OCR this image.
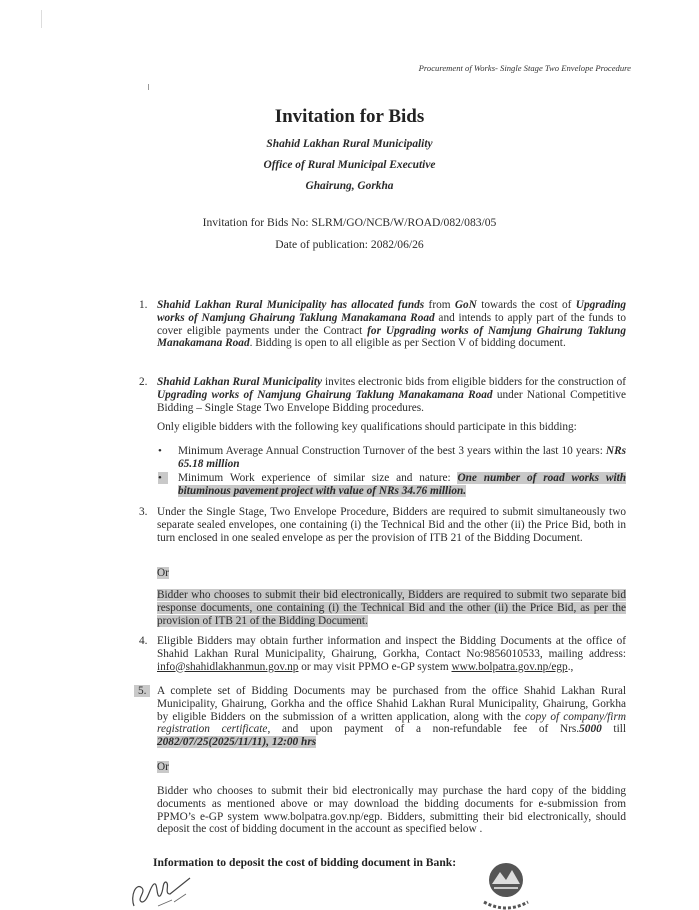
Procurement of Works- Single Stage Two Envelope Procedure
Invitation for Bids
Shahid Lakhan Rural Municipality
Office of Rural Municipal Executive
Ghairung, Gorkha
Invitation for Bids No: SLRM/GO/NCB/W/ROAD/082/083/05
Date of publication: 2082/06/26
1. Shahid Lakhan Rural Municipality has allocated funds from GoN towards the cost of Upgrading works of Namjung Ghairung Taklung Manakamana Road and intends to apply part of the funds to cover eligible payments under the Contract for Upgrading works of Namjung Ghairung Taklung Manakamana Road. Bidding is open to all eligible as per Section V of bidding document.
2. Shahid Lakhan Rural Municipality invites electronic bids from eligible bidders for the construction of Upgrading works of Namjung Ghairung Taklung Manakamana Road under National Competitive Bidding – Single Stage Two Envelope Bidding procedures.
Only eligible bidders with the following key qualifications should participate in this bidding:
• Minimum Average Annual Construction Turnover of the best 3 years within the last 10 years: NRs 65.18 million
•	Minimum Work experience of similar size and nature: One number of road works with bituminous pavement project with value of NRs 34.76 million.
3. Under the Single Stage, Two Envelope Procedure, Bidders are required to submit simultaneously two separate sealed envelopes, one containing (i) the Technical Bid and the other (ii) the Price Bid, both in turn enclosed in one sealed envelope as per the provision of ITB 21 of the Bidding Document.
Or
Bidder who chooses to submit their bid electronically, Bidders are required to submit two separate bid response documents, one containing (i) the Technical Bid and the other (ii) the Price Bid, as per the provision of ITB 21 of the Bidding Document.
4. Eligible Bidders may obtain further information and inspect the Bidding Documents at the office of Shahid Lakhan Rural Municipality, Ghairung, Gorkha, Contact No:9856010533, mailing address: info@shahidlakhanmun.gov.np or may visit PPMO e-GP system www.bolpatra.gov.np/egp.,
5. A complete set of Bidding Documents may be purchased from the office Shahid Lakhan Rural Municipality, Ghairung, Gorkha and the office Shahid Lakhan Rural Municipality, Ghairung, Gorkha by eligible Bidders on the submission of a written application, along with the copy of company/firm registration certificate, and upon payment of a non-refundable fee of Nrs.5000 till 2082/07/25(2025/11/11), 12:00 hrs
Or
Bidder who chooses to submit their bid electronically may purchase the hard copy of the bidding documents as mentioned above or may download the bidding documents for e-submission from PPMO’s e-GP system www.bolpatra.gov.np/egp. Bidders, submitting their bid electronically, should deposit the cost of bidding document in the account as specified below .
Information to deposit the cost of bidding document in Bank:
